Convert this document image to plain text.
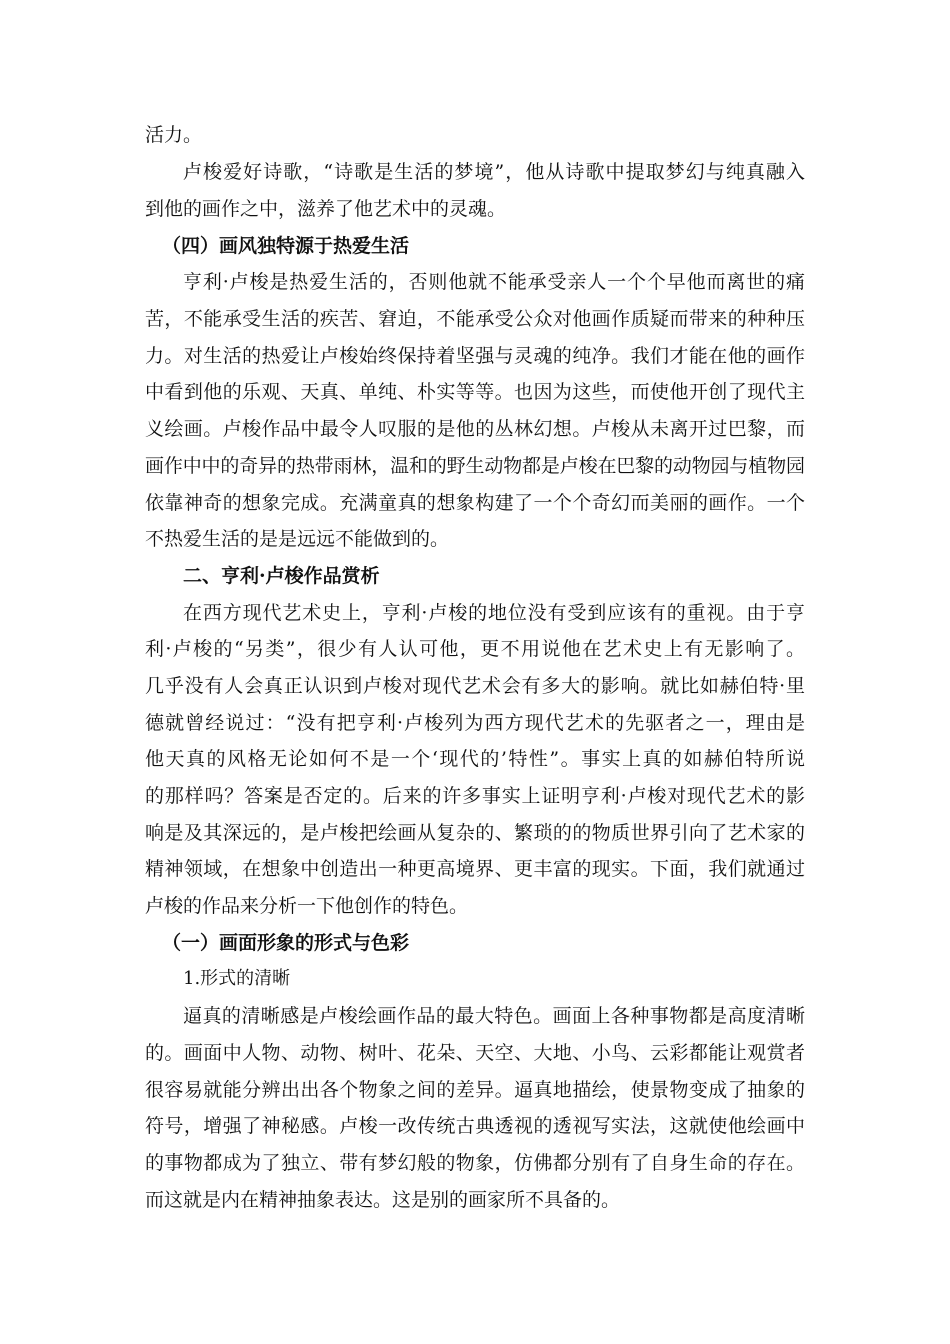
活力。
卢梭爱好诗歌，“诗歌是生活的梦境”，他从诗歌中提取梦幻与纯真融入
到他的画作之中，滋养了他艺术中的灵魂。
（四）画风独特源于热爱生活
亨利·卢梭是热爱生活的，否则他就不能承受亲人一个个早他而离世的痛
苦，不能承受生活的疾苦、窘迫，不能承受公众对他画作质疑而带来的种种压
力。对生活的热爱让卢梭始终保持着坚强与灵魂的纯净。我们才能在他的画作
中看到他的乐观、天真、单纯、朴实等等。也因为这些，而使他开创了现代主
义绘画。卢梭作品中最令人叹服的是他的丛林幻想。卢梭从未离开过巴黎，而
画作中中的奇异的热带雨林，温和的野生动物都是卢梭在巴黎的动物园与植物园
依靠神奇的想象完成。充满童真的想象构建了一个个奇幻而美丽的画作。一个
不热爱生活的是是远远不能做到的。
二、亨利·卢梭作品赏析
在西方现代艺术史上，亨利·卢梭的地位没有受到应该有的重视。由于亨
利·卢梭的“另类”，很少有人认可他，更不用说他在艺术史上有无影响了。
几乎没有人会真正认识到卢梭对现代艺术会有多大的影响。就比如赫伯特·里
德就曾经说过：“没有把亨利·卢梭列为西方现代艺术的先驱者之一，理由是
他天真的风格无论如何不是一个‘现代的’特性”。事实上真的如赫伯特所说
的那样吗？答案是否定的。后来的许多事实上证明亨利·卢梭对现代艺术的影
响是及其深远的，是卢梭把绘画从复杂的、繁琐的的物质世界引向了艺术家的
精神领域，在想象中创造出一种更高境界、更丰富的现实。下面，我们就通过
卢梭的作品来分析一下他创作的特色。
（一）画面形象的形式与色彩
1.形式的清晰
逼真的清晰感是卢梭绘画作品的最大特色。画面上各种事物都是高度清晰
的。画面中人物、动物、树叶、花朵、天空、大地、小鸟、云彩都能让观赏者
很容易就能分辨出出各个物象之间的差异。逼真地描绘，使景物变成了抽象的
符号，增强了神秘感。卢梭一改传统古典透视的透视写实法，这就使他绘画中
的事物都成为了独立、带有梦幻般的物象，仿佛都分别有了自身生命的存在。
而这就是内在精神抽象表达。这是别的画家所不具备的。
